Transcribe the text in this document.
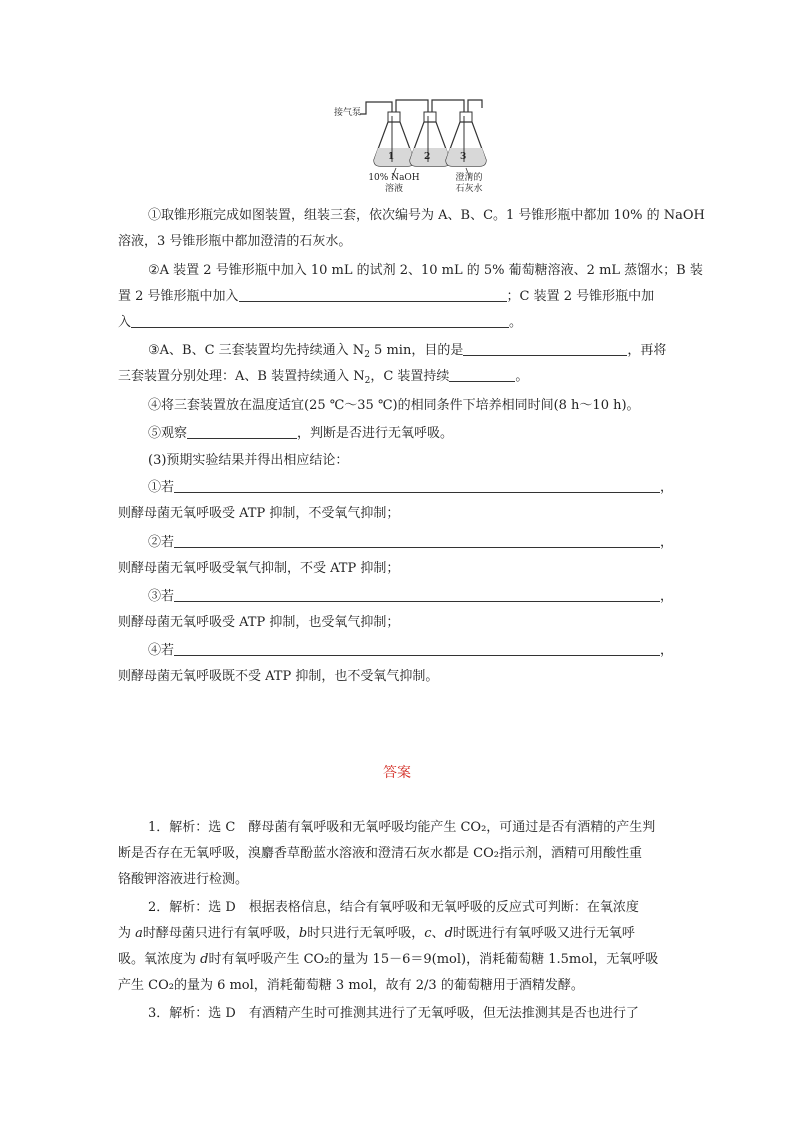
接气泵
1	2	3
10% NaOH
溶液
澄清的
石灰水
①取锥形瓶完成如图装置，组装三套，依次编号为 A、B、C。1 号锥形瓶中都加 10% 的 NaOH
溶液，3 号锥形瓶中都加澄清的石灰水。
②A 装置 2 号锥形瓶中加入 10 mL 的试剂 2、10 mL 的 5% 葡萄糖溶液、2 mL 蒸馏水；B 装
置 2 号锥形瓶中加入	；C 装置 2 号锥形瓶中加
入	。
③A、B、C 三套装置均先持续通入 $N_2$ 5 min，目的是	，再将
三套装置分别处理：A、B 装置持续通入 $N_2$，C 装置持续	。
④将三套装置放在温度适宜(25 ℃～35 ℃)的相同条件下培养相同时间(8 h～10 h)。
⑤观察	，判断是否进行无氧呼吸。
(3)预期实验结果并得出相应结论：
①若	，
则酵母菌无氧呼吸受 ATP 抑制，不受氧气抑制；
②若	，
则酵母菌无氧呼吸受氧气抑制，不受 ATP 抑制；
③若	，
则酵母菌无氧呼吸受 ATP 抑制，也受氧气抑制；
④若	，
则酵母菌无氧呼吸既不受 ATP 抑制，也不受氧气抑制。
答案
1．解析：选 C　酵母菌有氧呼吸和无氧呼吸均能产生 CO₂，可通过是否有酒精的产生判
断是否存在无氧呼吸，溴麝香草酚蓝水溶液和澄清石灰水都是 CO₂指示剂，酒精可用酸性重
铬酸钾溶液进行检测。
2．解析：选 D　根据表格信息，结合有氧呼吸和无氧呼吸的反应式可判断：在氧浓度
为 a时酵母菌只进行有氧呼吸，b时只进行无氧呼吸，c、d时既进行有氧呼吸又进行无氧呼
吸。氧浓度为 d时有氧呼吸产生 CO₂的量为 15－6＝9(mol)，消耗葡萄糖 1.5mol，无氧呼吸
产生 CO₂的量为 6 mol，消耗葡萄糖 3 mol，故有 2/3 的葡萄糖用于酒精发酵。
3．解析：选 D　有酒精产生时可推测其进行了无氧呼吸，但无法推测其是否也进行了
